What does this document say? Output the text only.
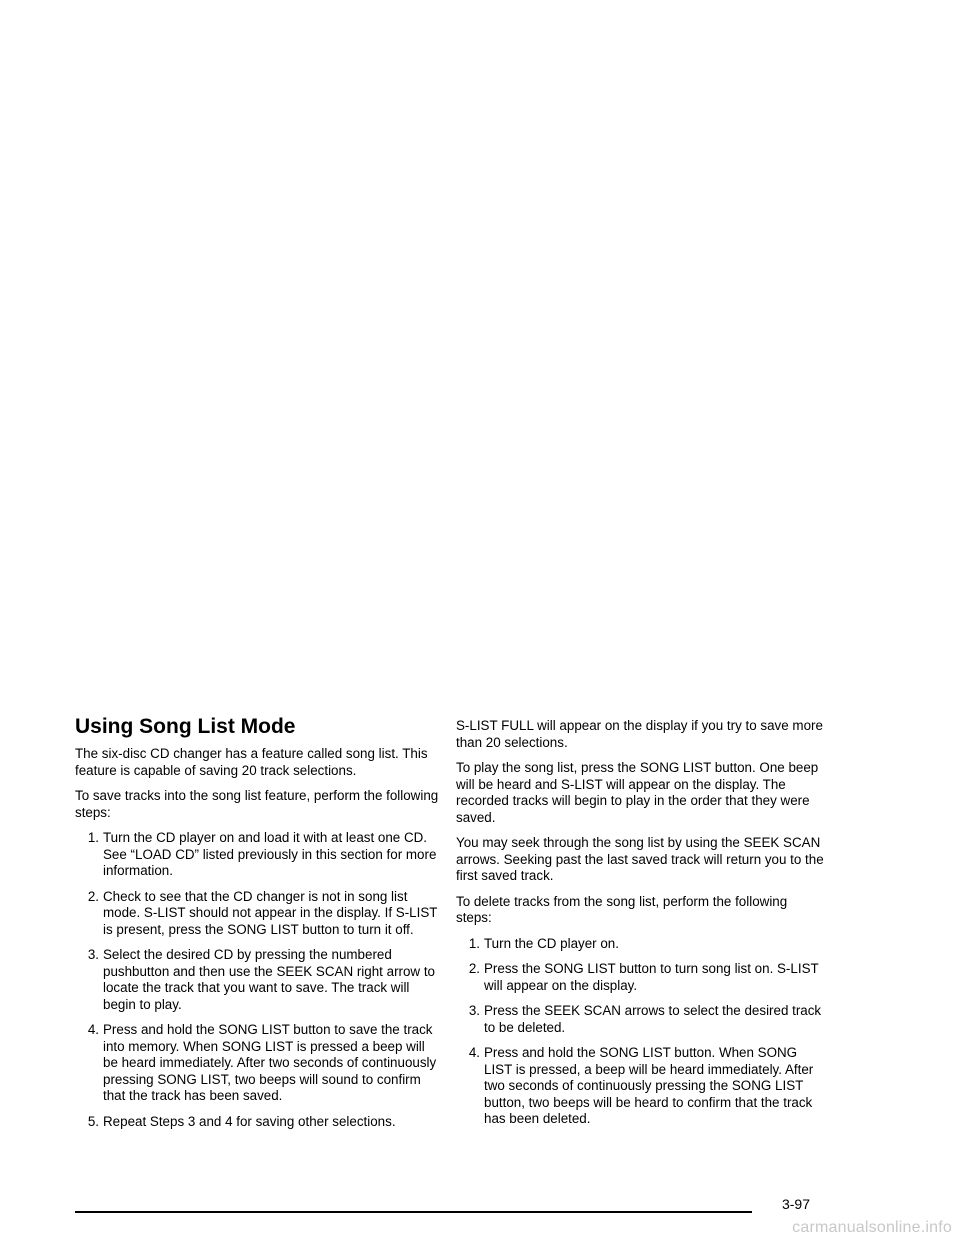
Using Song List Mode

The six-disc CD changer has a feature called song list. This feature is capable of saving 20 track selections.

To save tracks into the song list feature, perform the following steps:

1. Turn the CD player on and load it with at least one CD. See “LOAD CD” listed previously in this section for more information.
2. Check to see that the CD changer is not in song list mode. S-LIST should not appear in the display. If S-LIST is present, press the SONG LIST button to turn it off.
3. Select the desired CD by pressing the numbered pushbutton and then use the SEEK SCAN right arrow to locate the track that you want to save. The track will begin to play.
4. Press and hold the SONG LIST button to save the track into memory. When SONG LIST is pressed a beep will be heard immediately. After two seconds of continuously pressing SONG LIST, two beeps will sound to confirm that the track has been saved.
5. Repeat Steps 3 and 4 for saving other selections.

S-LIST FULL will appear on the display if you try to save more than 20 selections.

To play the song list, press the SONG LIST button. One beep will be heard and S-LIST will appear on the display. The recorded tracks will begin to play in the order that they were saved.

You may seek through the song list by using the SEEK SCAN arrows. Seeking past the last saved track will return you to the first saved track.

To delete tracks from the song list, perform the following steps:

1. Turn the CD player on.
2. Press the SONG LIST button to turn song list on. S-LIST will appear on the display.
3. Press the SEEK SCAN arrows to select the desired track to be deleted.
4. Press and hold the SONG LIST button. When SONG LIST is pressed, a beep will be heard immediately. After two seconds of continuously pressing the SONG LIST button, two beeps will be heard to confirm that the track has been deleted.
3-97
carmanualsonline.info
